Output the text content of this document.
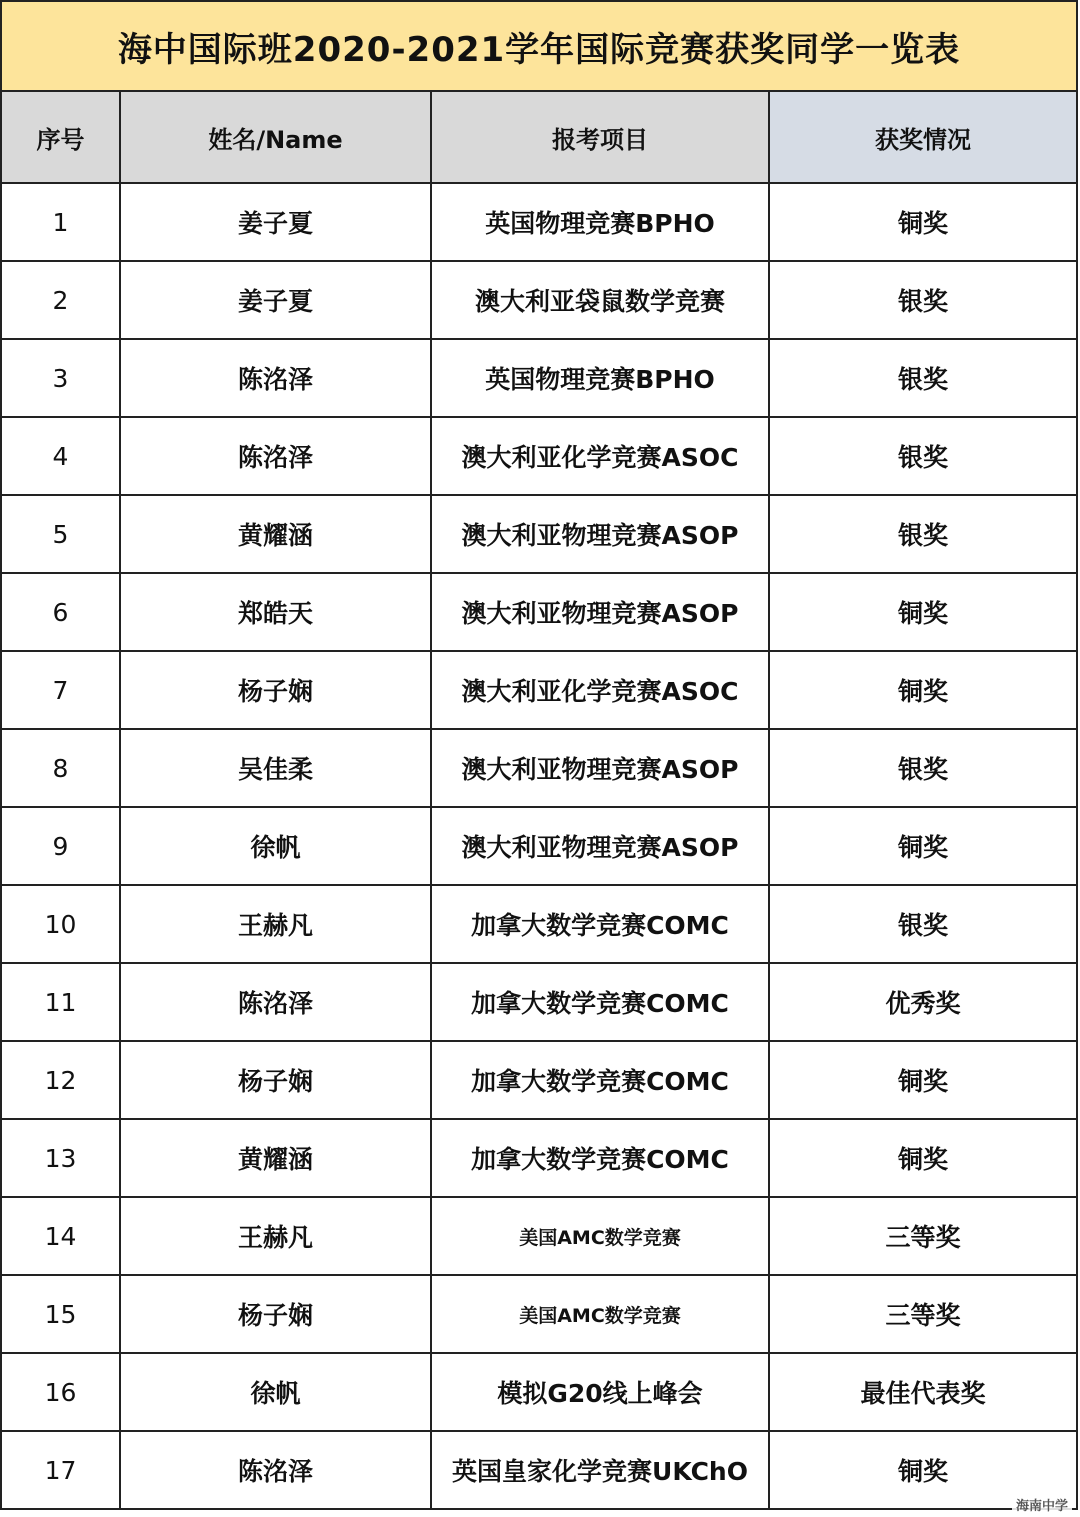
海中国际班2020-2021学年国际竞赛获奖同学一览表
序号	姓名/Name	报考项目	获奖情况
1	姜子夏	英国物理竞赛BPHO	铜奖
2	姜子夏	澳大利亚袋鼠数学竞赛	银奖
3	陈洺泽	英国物理竞赛BPHO	银奖
4	陈洺泽	澳大利亚化学竞赛ASOC	银奖
5	黄耀涵	澳大利亚物理竞赛ASOP	银奖
6	郑皓天	澳大利亚物理竞赛ASOP	铜奖
7	杨子娴	澳大利亚化学竞赛ASOC	铜奖
8	吴佳柔	澳大利亚物理竞赛ASOP	银奖
9	徐帆	澳大利亚物理竞赛ASOP	铜奖
10	王赫凡	加拿大数学竞赛COMC	银奖
11	陈洺泽	加拿大数学竞赛COMC	优秀奖
12	杨子娴	加拿大数学竞赛COMC	铜奖
13	黄耀涵	加拿大数学竞赛COMC	铜奖
14	王赫凡	美国AMC数学竞赛	三等奖
15	杨子娴	美国AMC数学竞赛	三等奖
16	徐帆	模拟G20线上峰会	最佳代表奖
17	陈洺泽	英国皇家化学竞赛UKChO	铜奖
海南中学
